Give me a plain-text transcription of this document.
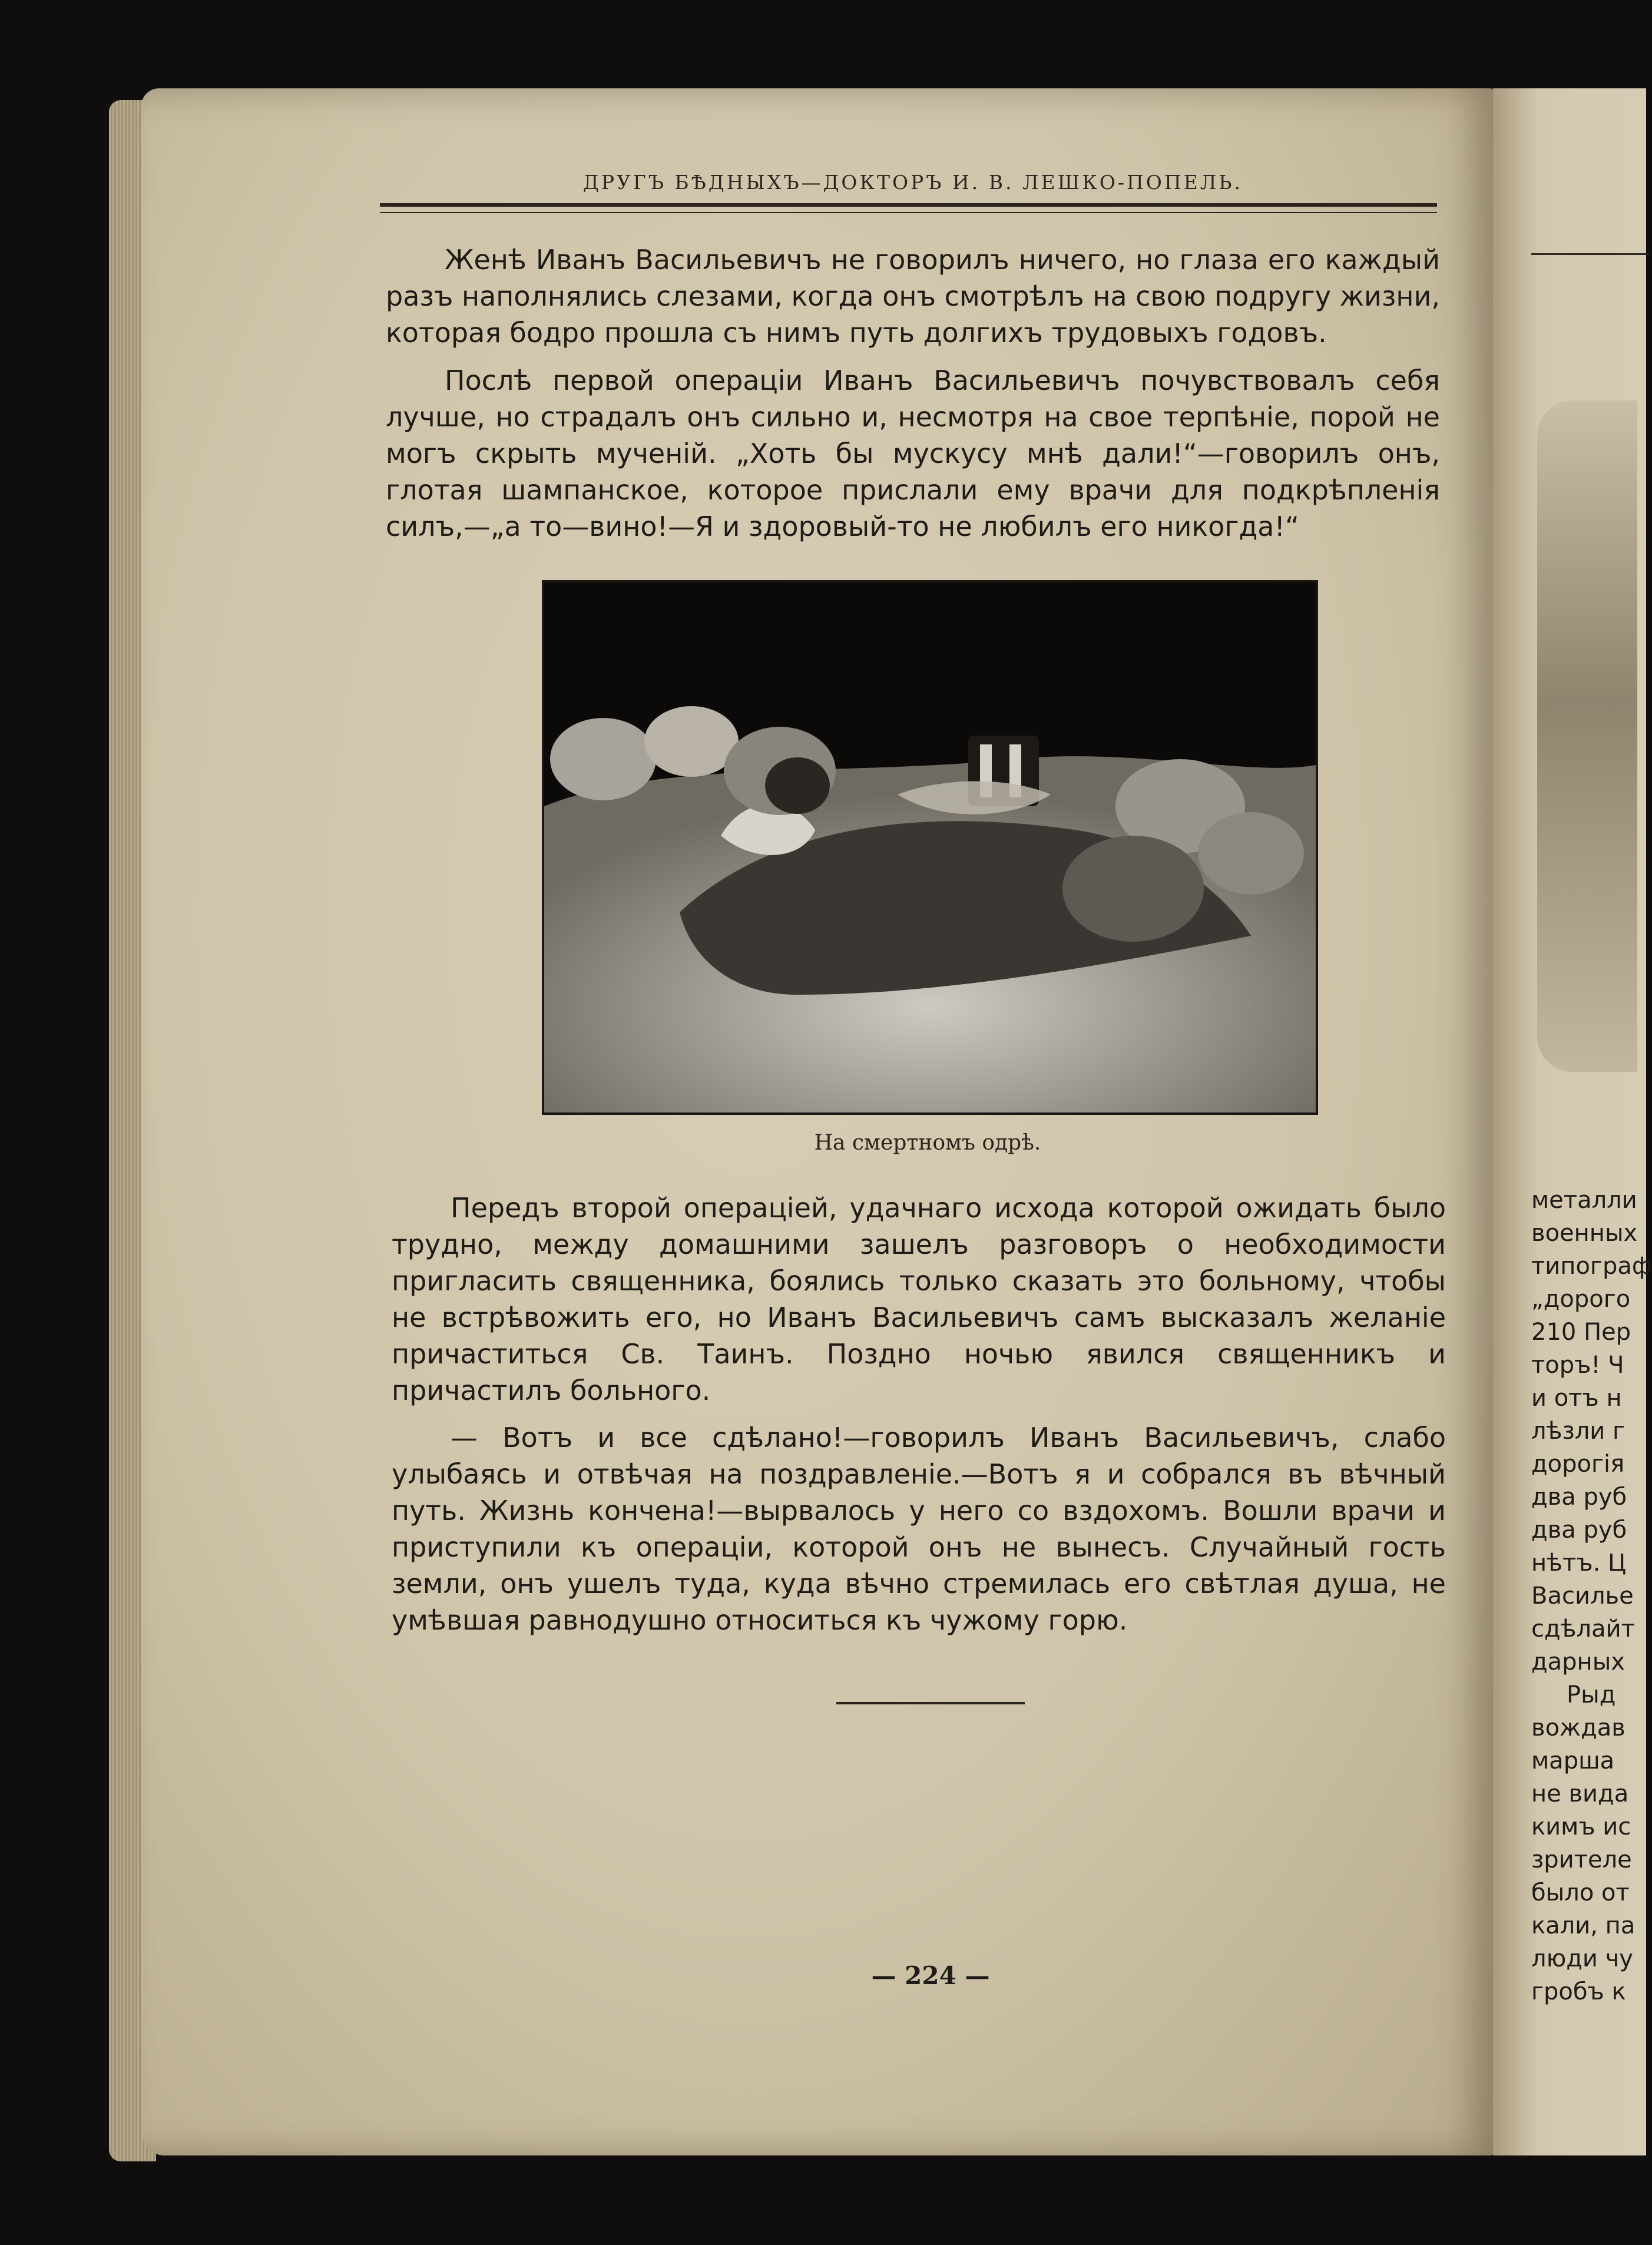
ДРУГЪ БѢДНЫХЪ—ДОКТОРЪ И. В. ЛЕШКО-ПОПЕЛЬ.

Женѣ Иванъ Васильевичъ не говорилъ ничего, но глаза его каждый разъ наполнялись слезами, когда онъ смотрѣлъ на свою подругу жизни, которая бодро прошла съ нимъ путь долгихъ трудовыхъ годовъ.

Послѣ первой операціи Иванъ Васильевичъ почувствовалъ себя лучше, но страдалъ онъ сильно и, несмотря на свое терпѣніе, порой не могъ скрыть мученій. „Хоть бы мускусу мнѣ дали!“—говорилъ онъ, глотая шампанское, которое прислали ему врачи для подкрѣпленія силъ,—„а то—вино!—Я и здоровый-то не любилъ его никогда!“

На смертномъ одрѣ.

Передъ второй операціей, удачнаго исхода которой ожидать было трудно, между домашними зашелъ разговоръ о необходимости пригласить священника, боялись только сказать это больному, чтобы не встрѣвожить его, но Иванъ Васильевичъ самъ высказалъ желаніе причаститься Св. Таинъ. Поздно ночью явился священникъ и причастилъ больного.

— Вотъ и все сдѣлано!—говорилъ Иванъ Васильевичъ, слабо улыбаясь и отвѣчая на поздравленіе.—Вотъ я и собрался въ вѣчный путь. Жизнь кончена!—вырвалось у него со вздохомъ. Вошли врачи и приступили къ операціи, которой онъ не вынесъ. Случайный гость земли, онъ ушелъ туда, куда вѣчно стремилась его свѣтлая душа, не умѣвшая равнодушно относиться къ чужому горю.

— 224 —
металли
военных
типограф
„дорого
210 Пер
торъ! Ч
и отъ н
лѣзли г
дорогія
два руб
два руб
нѣтъ. Ц
Василье
сдѣлайт
дарных
Рыд
вождав
марша
не вида
кимъ ис
зрителе
было от
кали, па
люди чу
гробъ к
